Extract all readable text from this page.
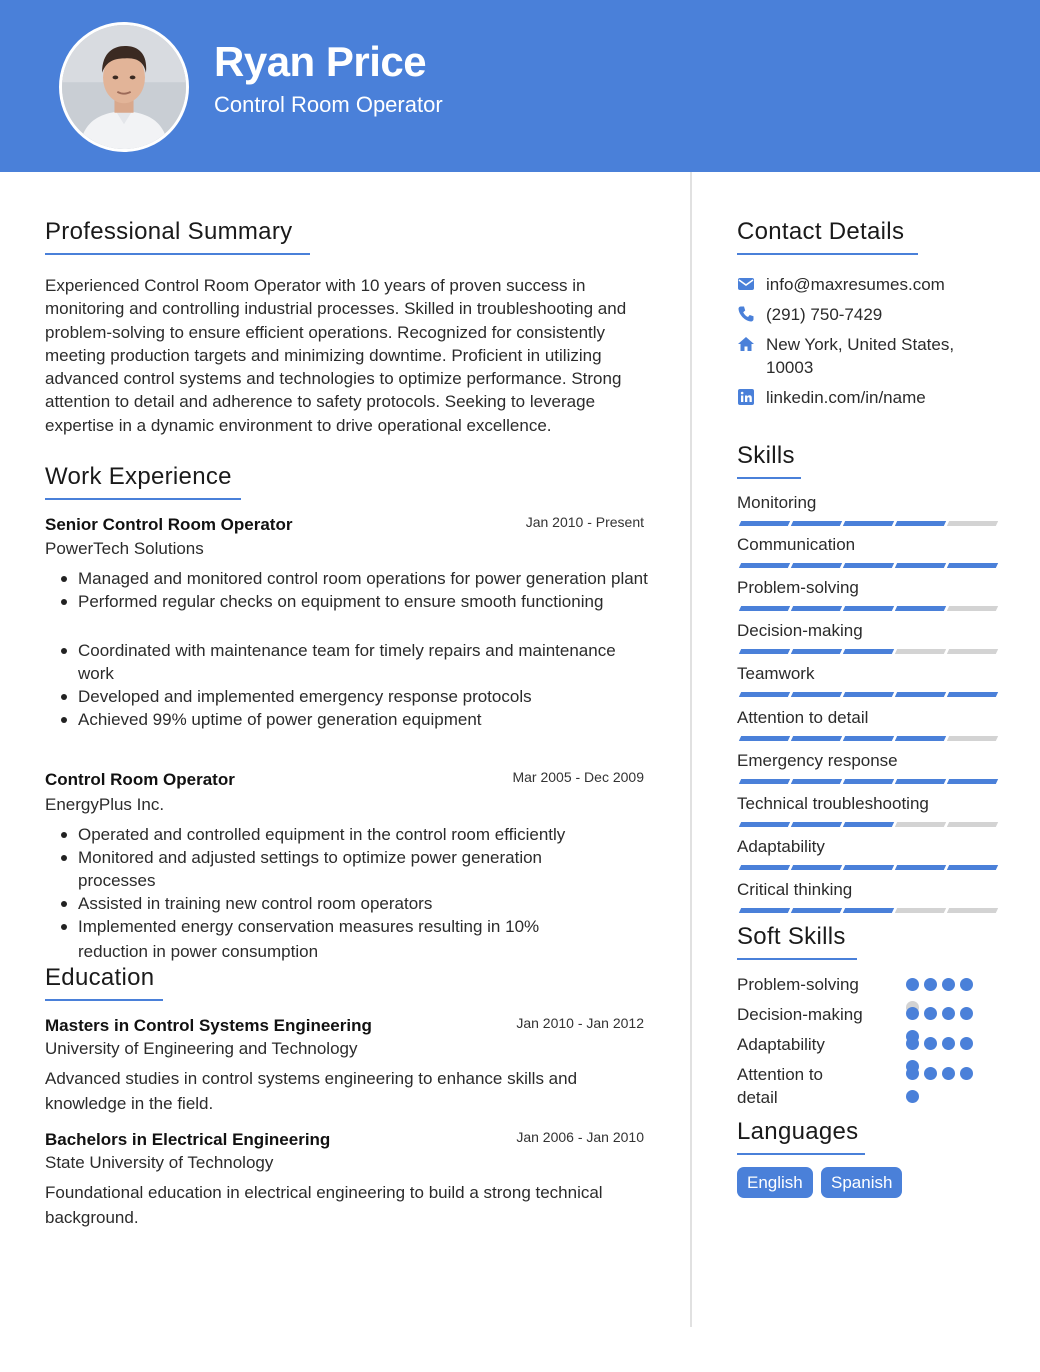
Ryan Price
Control Room Operator
Professional Summary
Experienced Control Room Operator with 10 years of proven success in monitoring and controlling industrial processes. Skilled in troubleshooting and problem-solving to ensure efficient operations. Recognized for consistently meeting production targets and minimizing downtime. Proficient in utilizing advanced control systems and technologies to optimize performance. Strong attention to detail and adherence to safety protocols. Seeking to leverage expertise in a dynamic environment to drive operational excellence.
Work Experience
Senior Control Room Operator	Jan 2010 - Present
PowerTech Solutions
Managed and monitored control room operations for power generation plant
Performed regular checks on equipment to ensure smooth functioning
Coordinated with maintenance team for timely repairs and maintenance work
Developed and implemented emergency response protocols
Achieved 99% uptime of power generation equipment
Control Room Operator	Mar 2005 - Dec 2009
EnergyPlus Inc.
Operated and controlled equipment in the control room efficiently
Monitored and adjusted settings to optimize power generation processes
Assisted in training new control room operators
Implemented energy conservation measures resulting in 10% reduction in power consumption
Education
Masters in Control Systems Engineering	Jan 2010 - Jan 2012
University of Engineering and Technology
Advanced studies in control systems engineering to enhance skills and knowledge in the field.
Bachelors in Electrical Engineering	Jan 2006 - Jan 2010
State University of Technology
Foundational education in electrical engineering to build a strong technical background.
Contact Details
info@maxresumes.com
(291) 750-7429
New York, United States, 10003
linkedin.com/in/name
Skills
Monitoring
Communication
Problem-solving
Decision-making
Teamwork
Attention to detail
Emergency response
Technical troubleshooting
Adaptability
Critical thinking
Soft Skills
Problem-solving
Decision-making
Adaptability
Attention to detail
Languages
English	Spanish
